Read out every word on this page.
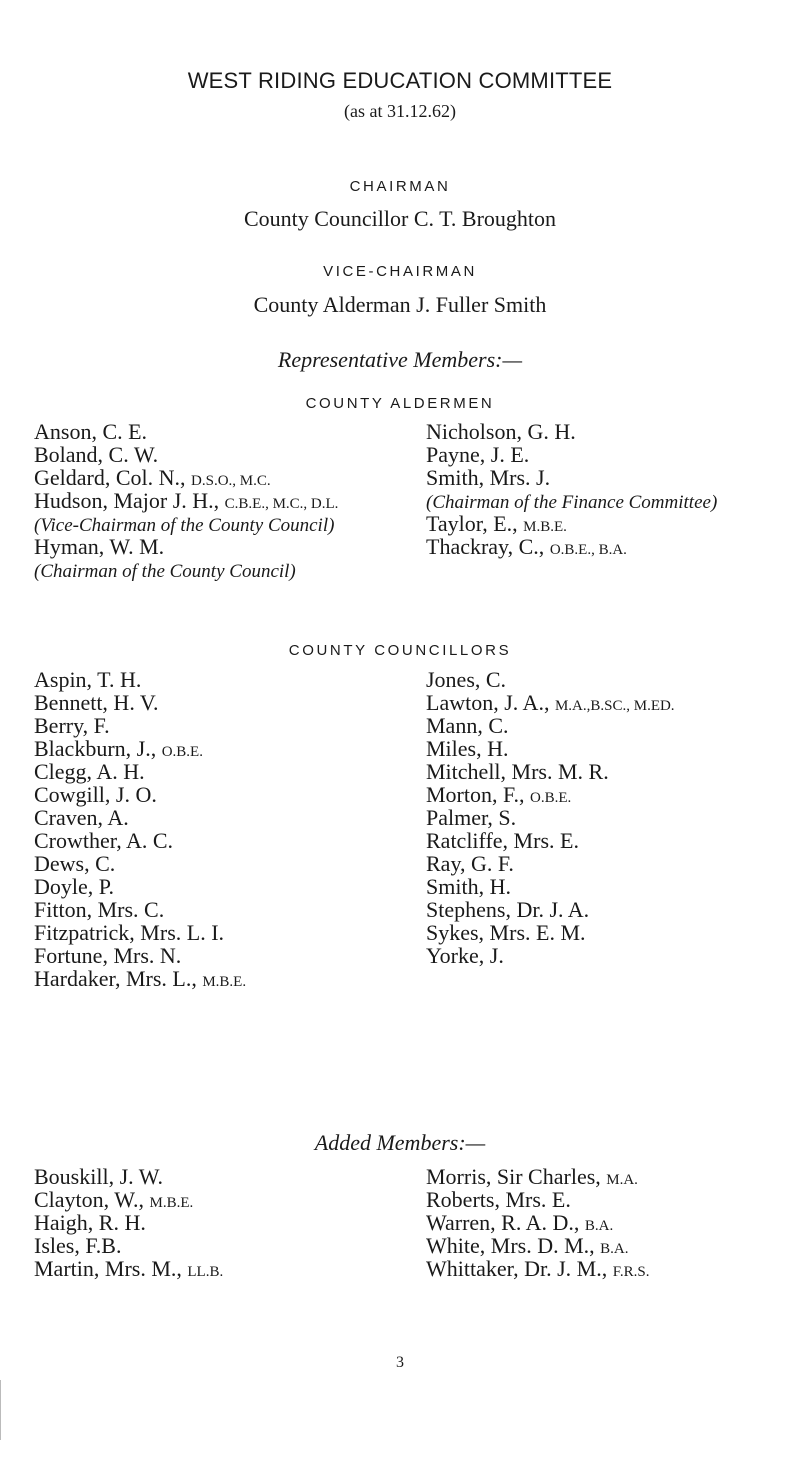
WEST RIDING EDUCATION COMMITTEE
(as at 31.12.62)
CHAIRMAN
County Councillor C. T. Broughton
VICE-CHAIRMAN
County Alderman J. Fuller Smith
Representative Members:—
COUNTY ALDERMEN
Anson, C. E.
Boland, C. W.
Geldard, Col. N., D.S.O., M.C.
Hudson, Major J. H., C.B.E., M.C., D.L.
(Vice-Chairman of the County Council)
Hyman, W. M.
(Chairman of the County Council)
Nicholson, G. H.
Payne, J. E.
Smith, Mrs. J.
(Chairman of the Finance Committee)
Taylor, E., M.B.E.
Thackray, C., O.B.E., B.A.
COUNTY COUNCILLORS
Aspin, T. H.
Bennett, H. V.
Berry, F.
Blackburn, J., O.B.E.
Clegg, A. H.
Cowgill, J. O.
Craven, A.
Crowther, A. C.
Dews, C.
Doyle, P.
Fitton, Mrs. C.
Fitzpatrick, Mrs. L. I.
Fortune, Mrs. N.
Hardaker, Mrs. L., M.B.E.
Jones, C.
Lawton, J. A., M.A.,B.SC., M.ED.
Mann, C.
Miles, H.
Mitchell, Mrs. M. R.
Morton, F., O.B.E.
Palmer, S.
Ratcliffe, Mrs. E.
Ray, G. F.
Smith, H.
Stephens, Dr. J. A.
Sykes, Mrs. E. M.
Yorke, J.
Added Members:—
Bouskill, J. W.
Clayton, W., M.B.E.
Haigh, R. H.
Isles, F.B.
Martin, Mrs. M., LL.B.
Morris, Sir Charles, M.A.
Roberts, Mrs. E.
Warren, R. A. D., B.A.
White, Mrs. D. M., B.A.
Whittaker, Dr. J. M., F.R.S.
3
